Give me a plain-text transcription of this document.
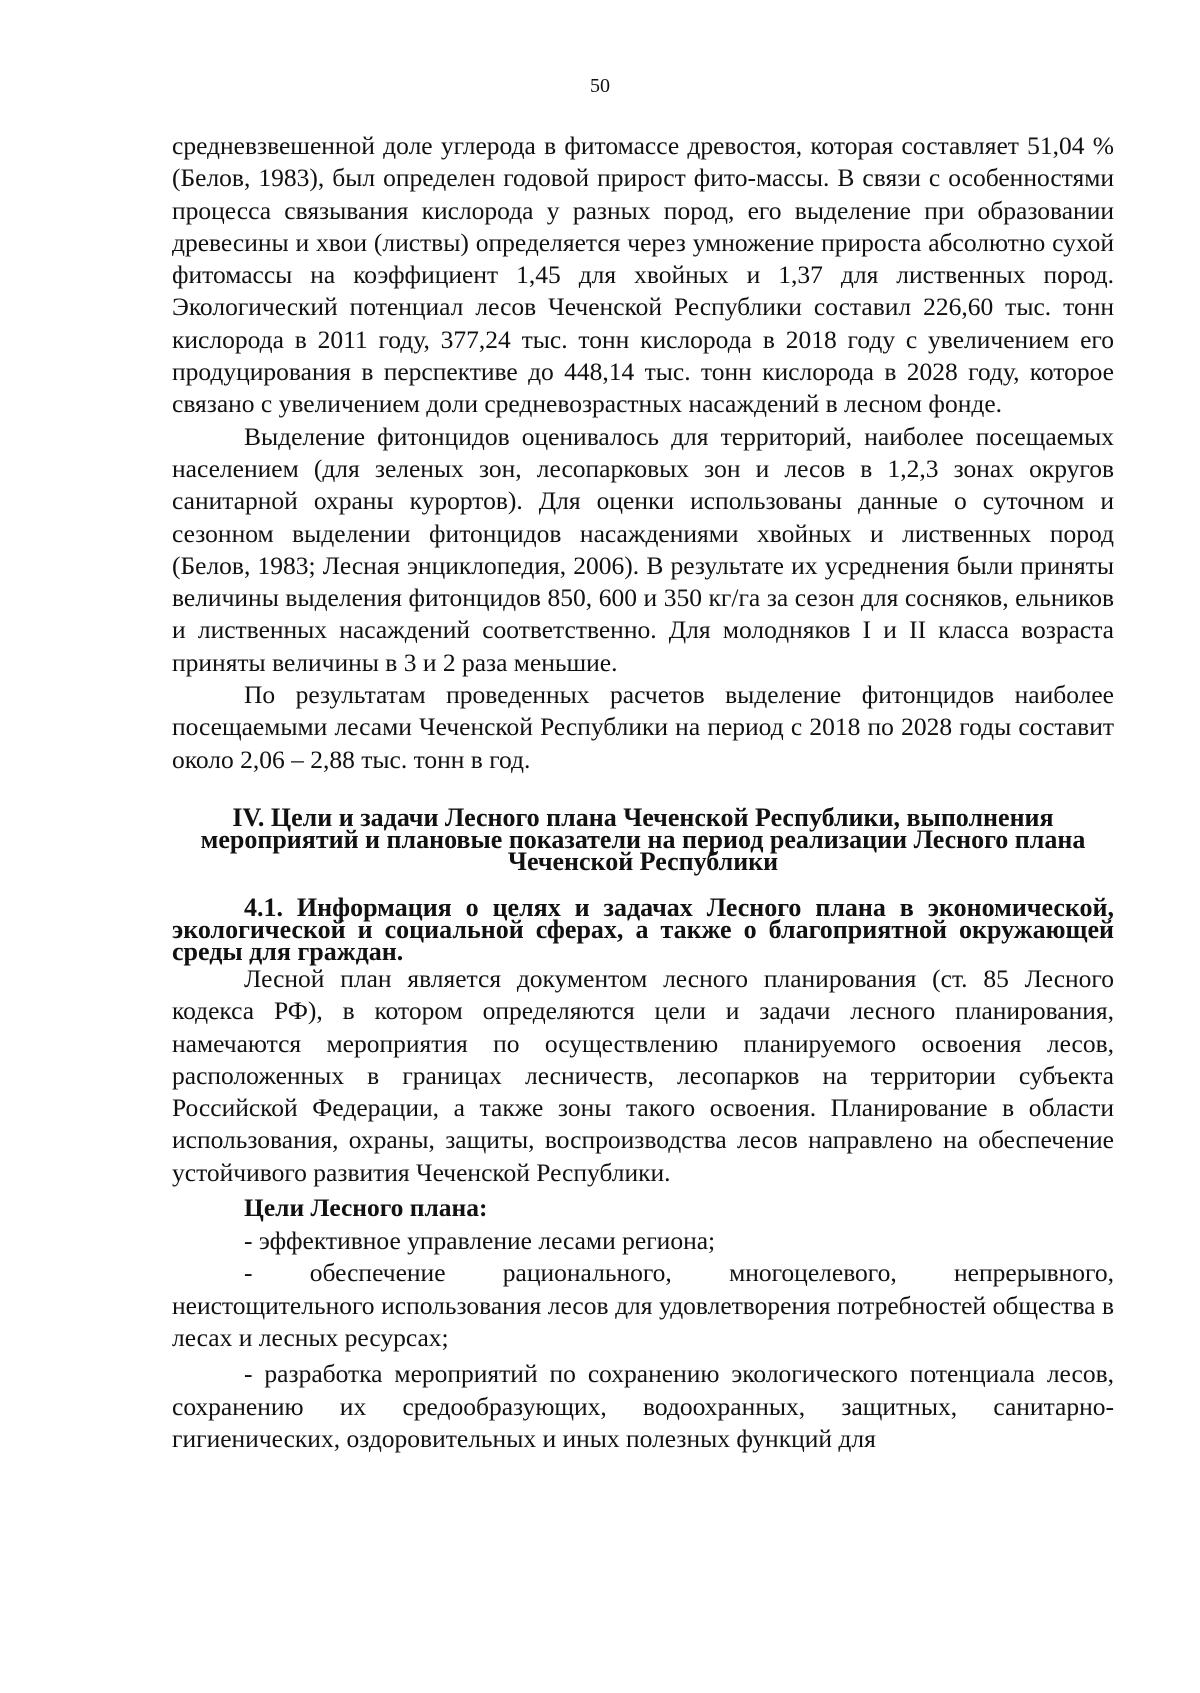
50

средневзвешенной доле углерода в фитомассе древостоя, которая составляет 51,04 % (Белов, 1983), был определен годовой прирост фито-массы. В связи с особенностями процесса связывания кислорода у разных пород, его выделение при образовании древесины и хвои (листвы) определяется через умножение прироста абсолютно сухой фитомассы на коэффициент 1,45 для хвойных и 1,37 для лиственных пород. Экологический потенциал лесов Чеченской Республики составил 226,60 тыс. тонн кислорода в 2011 году, 377,24 тыс. тонн кислорода в 2018 году с увеличением его продуцирования в перспективе до 448,14 тыс. тонн кислорода в 2028 году, которое связано с увеличением доли средневозрастных насаждений в лесном фонде.

Выделение фитонцидов оценивалось для территорий, наиболее посещаемых населением (для зеленых зон, лесопарковых зон и лесов в 1,2,3 зонах округов санитарной охраны курортов). Для оценки использованы данные о суточном и сезонном выделении фитонцидов насаждениями хвойных и лиственных пород (Белов, 1983; Лесная энциклопедия, 2006). В результате их усреднения были приняты величины выделения фитонцидов 850, 600 и 350 кг/га за сезон для сосняков, ельников и лиственных насаждений соответственно. Для молодняков I и II класса возраста приняты величины в 3 и 2 раза меньшие.

По результатам проведенных расчетов выделение фитонцидов наиболее посещаемыми лесами Чеченской Республики на период с 2018 по 2028 годы составит около 2,06 – 2,88 тыс. тонн в год.

IV. Цели и задачи Лесного плана Чеченской Республики, выполнения мероприятий и плановые показатели на период реализации Лесного плана Чеченской Республики

4.1. Информация о целях и задачах Лесного плана в экономической, экологической и социальной сферах, а также о благоприятной окружающей среды для граждан.

Лесной план является документом лесного планирования (ст. 85 Лесного кодекса РФ), в котором определяются цели и задачи лесного планирования, намечаются мероприятия по осуществлению планируемого освоения лесов, расположенных в границах лесничеств, лесопарков на территории субъекта Российской Федерации, а также зоны такого освоения. Планирование в области использования, охраны, защиты, воспроизводства лесов направлено на обеспечение устойчивого развития Чеченской Республики.

Цели Лесного плана:

- эффективное управление лесами региона;

- обеспечение рационального, многоцелевого, непрерывного, неистощительного использования лесов для удовлетворения потребностей общества в лесах и лесных ресурсах;

- разработка мероприятий по сохранению экологического потенциала лесов, сохранению их средообразующих, водоохранных, защитных, санитарно-гигиенических, оздоровительных и иных полезных функций для
